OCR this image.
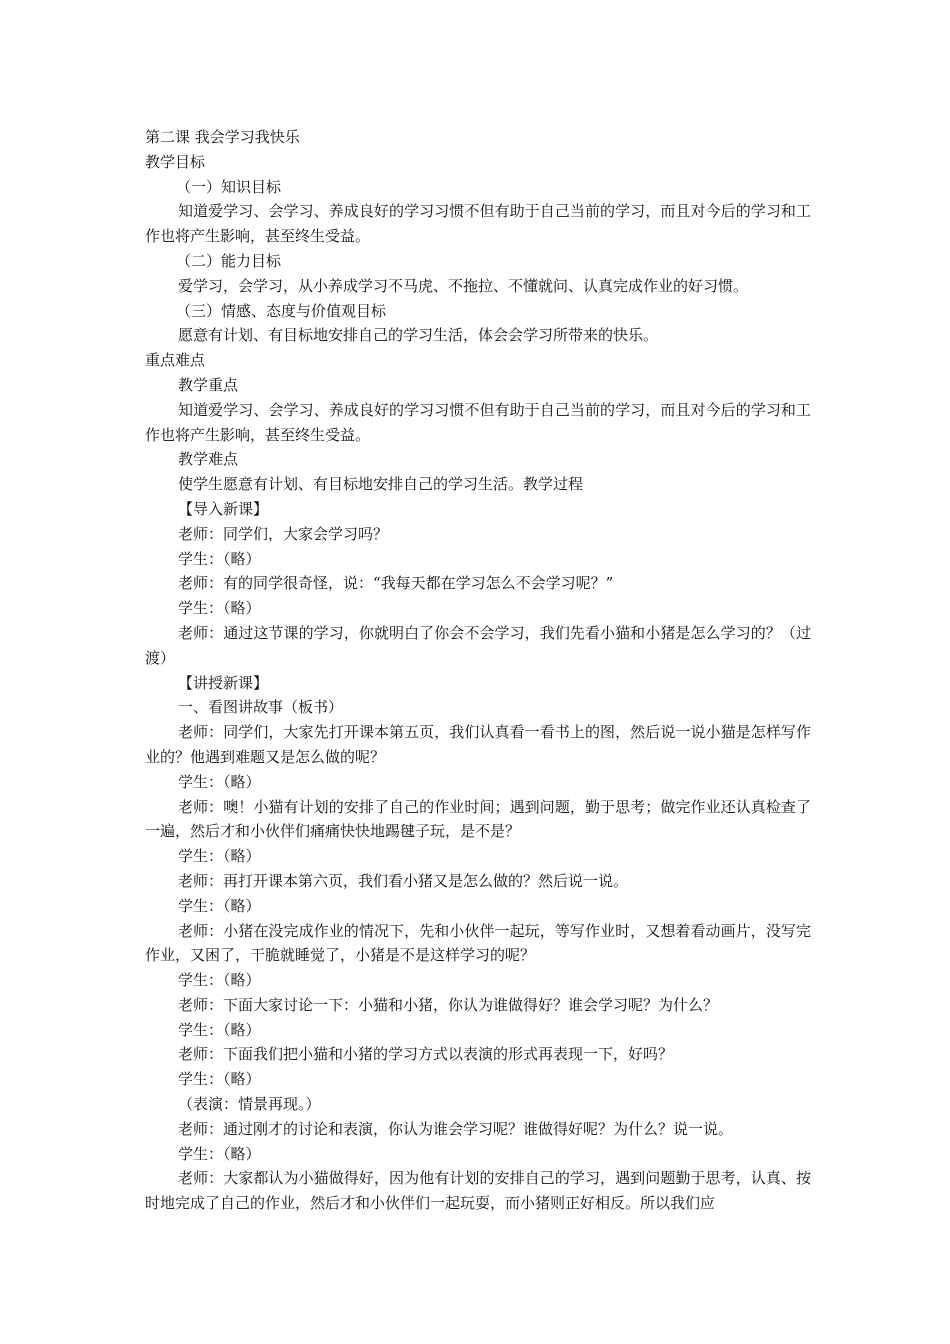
第二课 我会学习我快乐

教学目标

（一）知识目标

知道爱学习、会学习、养成良好的学习习惯不但有助于自己当前的学习，而且对今后的学习和工作也将产生影响，甚至终生受益。

（二）能力目标

爱学习，会学习，从小养成学习不马虎、不拖拉、不懂就问、认真完成作业的好习惯。

（三）情感、态度与价值观目标

愿意有计划、有目标地安排自己的学习生活，体会会学习所带来的快乐。

重点难点

教学重点

知道爱学习、会学习、养成良好的学习习惯不但有助于自己当前的学习，而且对今后的学习和工作也将产生影响，甚至终生受益。

教学难点

使学生愿意有计划、有目标地安排自己的学习生活。教学过程

【导入新课】

老师：同学们，大家会学习吗？

学生：（略）

老师：有的同学很奇怪，说：“我每天都在学习怎么不会学习呢？”

学生：（略）

老师：通过这节课的学习，你就明白了你会不会学习，我们先看小猫和小猪是怎么学习的？（过渡）

【讲授新课】

一、看图讲故事（板书）

老师：同学们，大家先打开课本第五页，我们认真看一看书上的图，然后说一说小猫是怎样写作业的？他遇到难题又是怎么做的呢？

学生：（略）

老师：噢！小猫有计划的安排了自己的作业时间；遇到问题，勤于思考；做完作业还认真检查了一遍，然后才和小伙伴们痛痛快快地踢毽子玩，是不是？

学生：（略）

老师：再打开课本第六页，我们看小猪又是怎么做的？然后说一说。

学生：（略）

老师：小猪在没完成作业的情况下，先和小伙伴一起玩，等写作业时，又想着看动画片，没写完作业，又困了，干脆就睡觉了，小猪是不是这样学习的呢？

学生：（略）

老师：下面大家讨论一下：小猫和小猪，你认为谁做得好？谁会学习呢？为什么？

学生：（略）

老师：下面我们把小猫和小猪的学习方式以表演的形式再表现一下，好吗？

学生：（略）

（表演：情景再现。）

老师：通过刚才的讨论和表演，你认为谁会学习呢？谁做得好呢？为什么？说一说。

学生：（略）

老师：大家都认为小猫做得好，因为他有计划的安排自己的学习，遇到问题勤于思考，认真、按时地完成了自己的作业，然后才和小伙伴们一起玩耍，而小猪则正好相反。所以我们应
